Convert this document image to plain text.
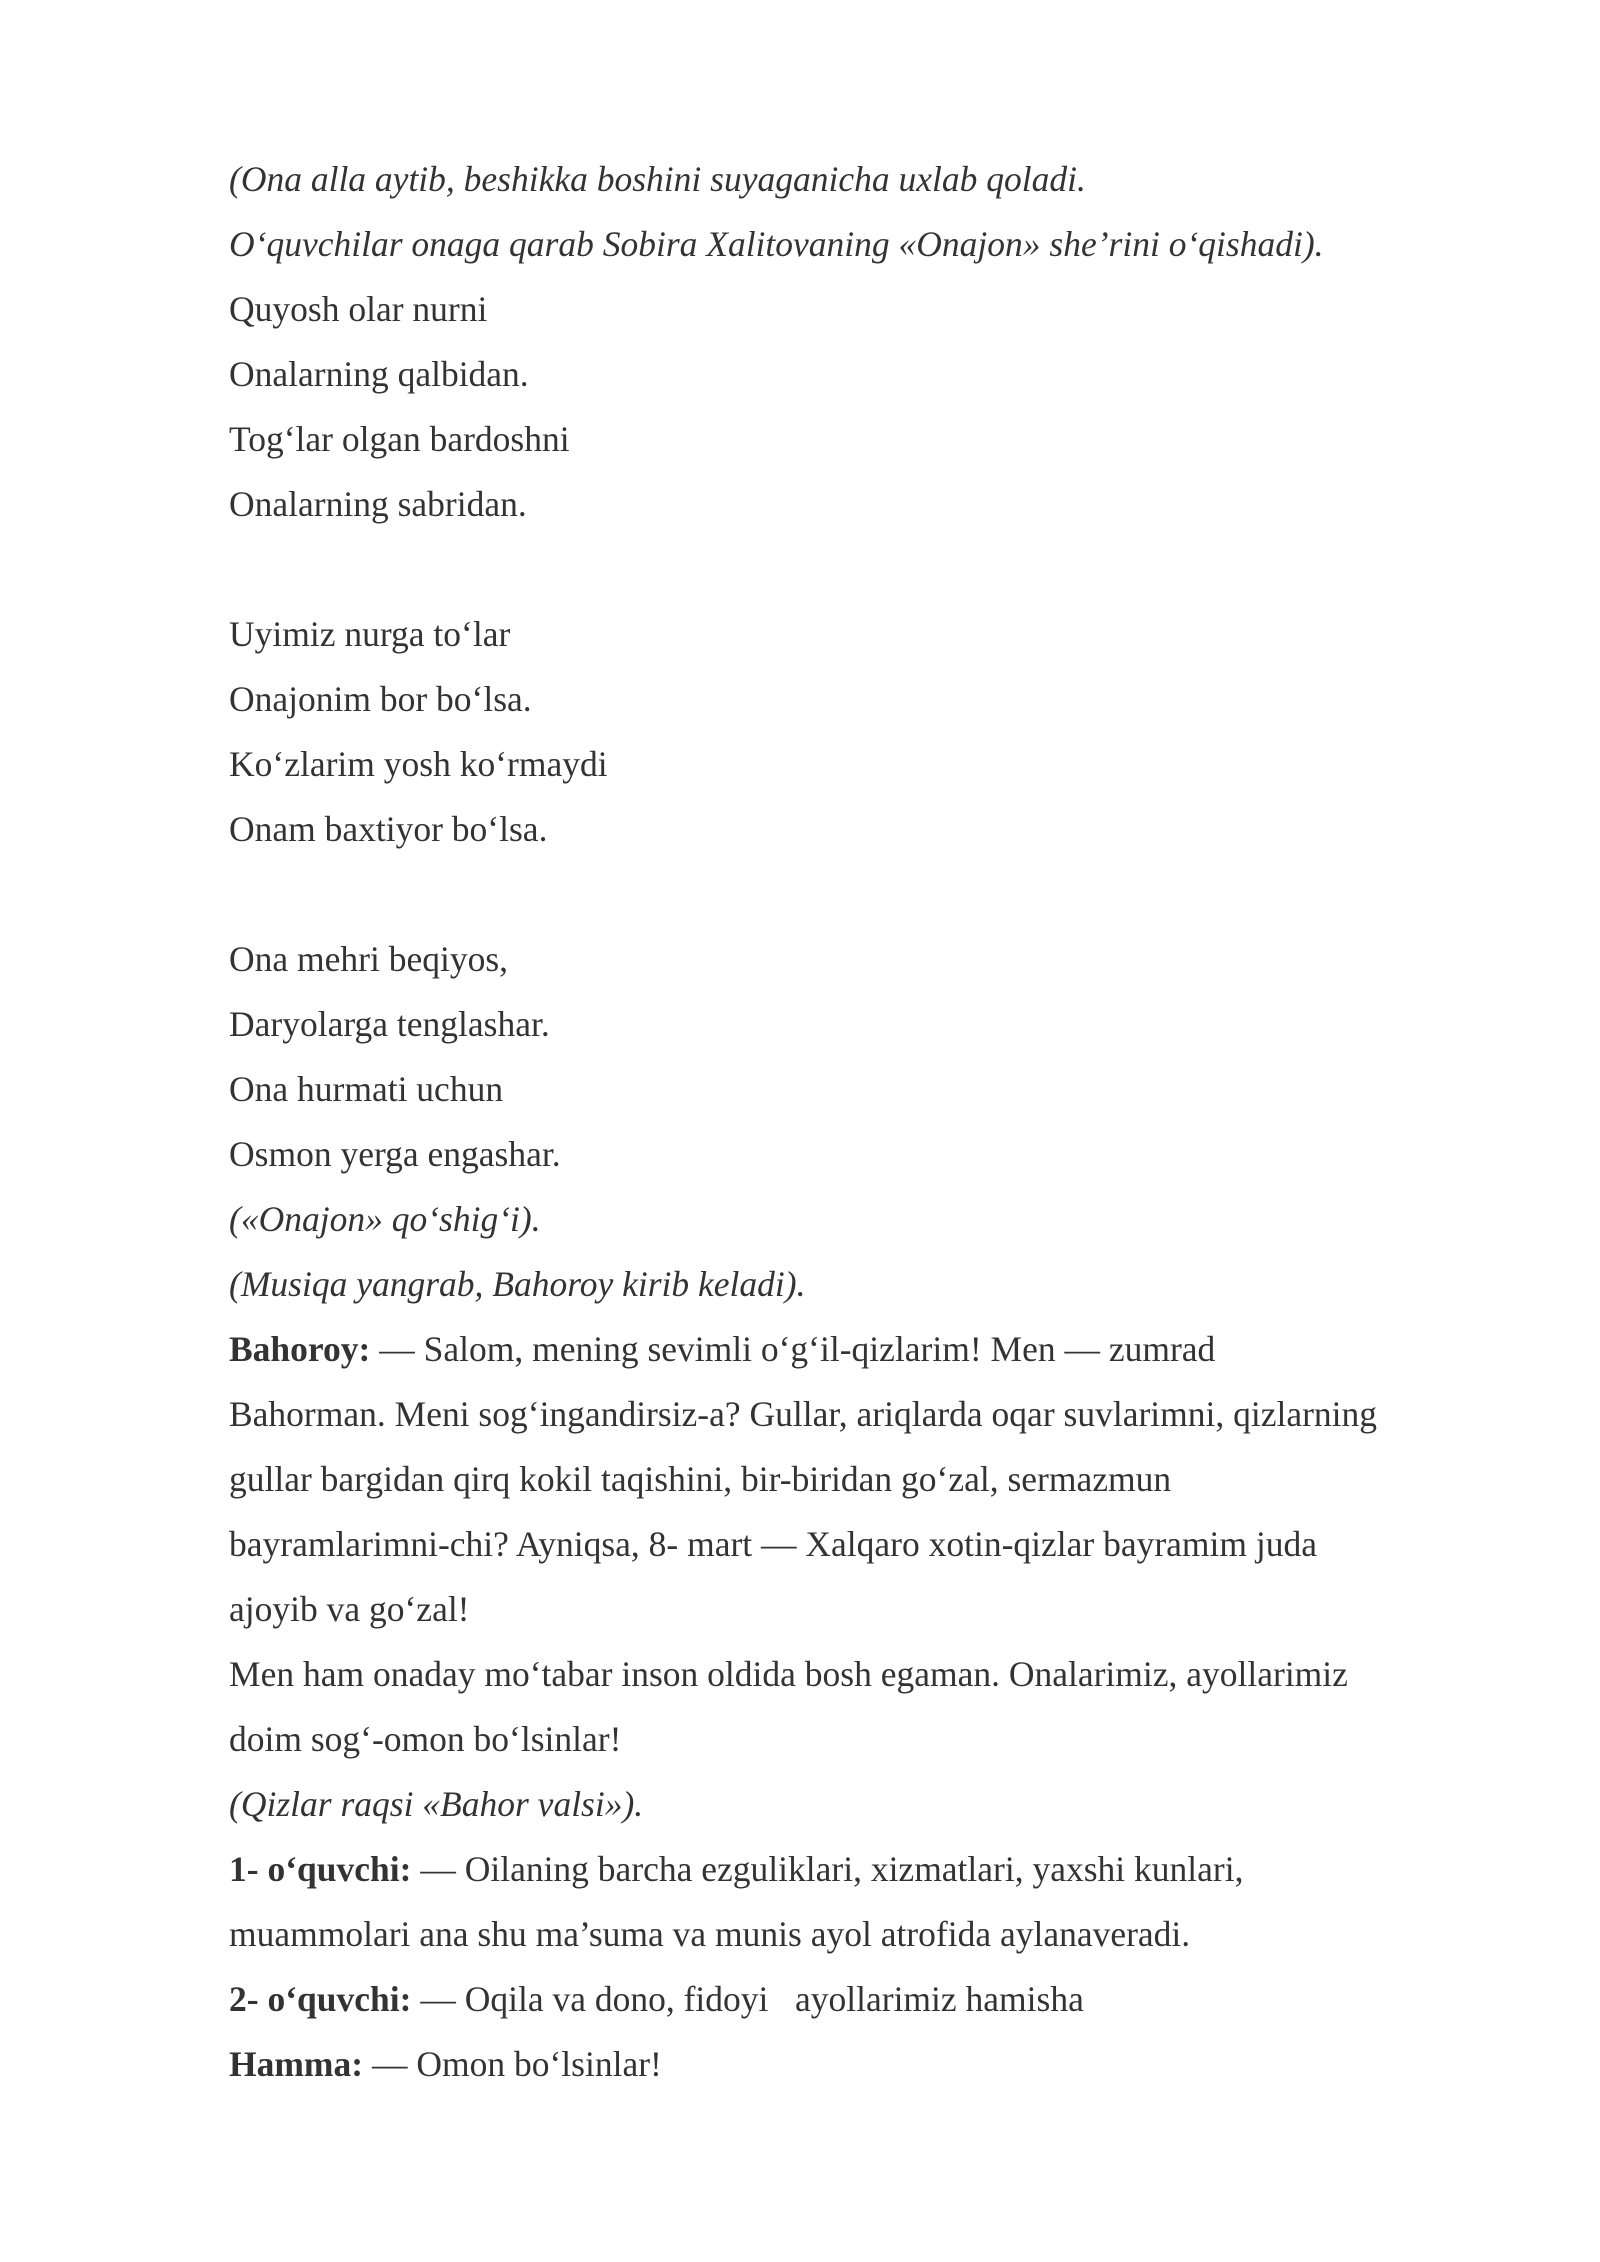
(Ona alla aytib, beshikka boshini suyaganicha uxlab qoladi.
O‘quvchilar onaga qarab Sobira Xalitovaning «Onajon» she’rini o‘qishadi).
Quyosh olar nurni
Onalarning qalbidan.
Tog‘lar olgan bardoshni
Onalarning sabridan.
Uyimiz nurga to‘lar
Onajonim bor bo‘lsa.
Ko‘zlarim yosh ko‘rmaydi
Onam baxtiyor bo‘lsa.
Ona mehri beqiyos,
Daryolarga tenglashar.
Ona hurmati uchun
Osmon yerga engashar.
(«Onajon» qo‘shig‘i).
(Musiqa yangrab, Bahoroy kirib keladi).
Bahoroy: — Salom, mening sevimli o‘g‘il-qizlarim! Men — zumrad
Bahorman. Meni sog‘ingandirsiz-a? Gullar, ariqlarda oqar suvlarimni, qizlarning
gullar bargidan qirq kokil taqishini, bir-biridan go‘zal, sermazmun
bayramlarimni-chi? Ayniqsa, 8- mart — Xalqaro xotin-qizlar bayramim juda
ajoyib va go‘zal!
Men ham onaday mo‘tabar inson oldida bosh egaman. Onalarimiz, ayollarimiz
doim sog‘-omon bo‘lsinlar!
(Qizlar raqsi «Bahor valsi»).
1- o‘quvchi: — Oilaning barcha ezguliklari, xizmatlari, yaxshi kunlari,
muammolari ana shu ma’suma va munis ayol atrofida aylanaveradi.
2- o‘quvchi: — Oqila va dono, fidoyi   ayollarimiz hamisha
Hamma: — Omon bo‘lsinlar!
